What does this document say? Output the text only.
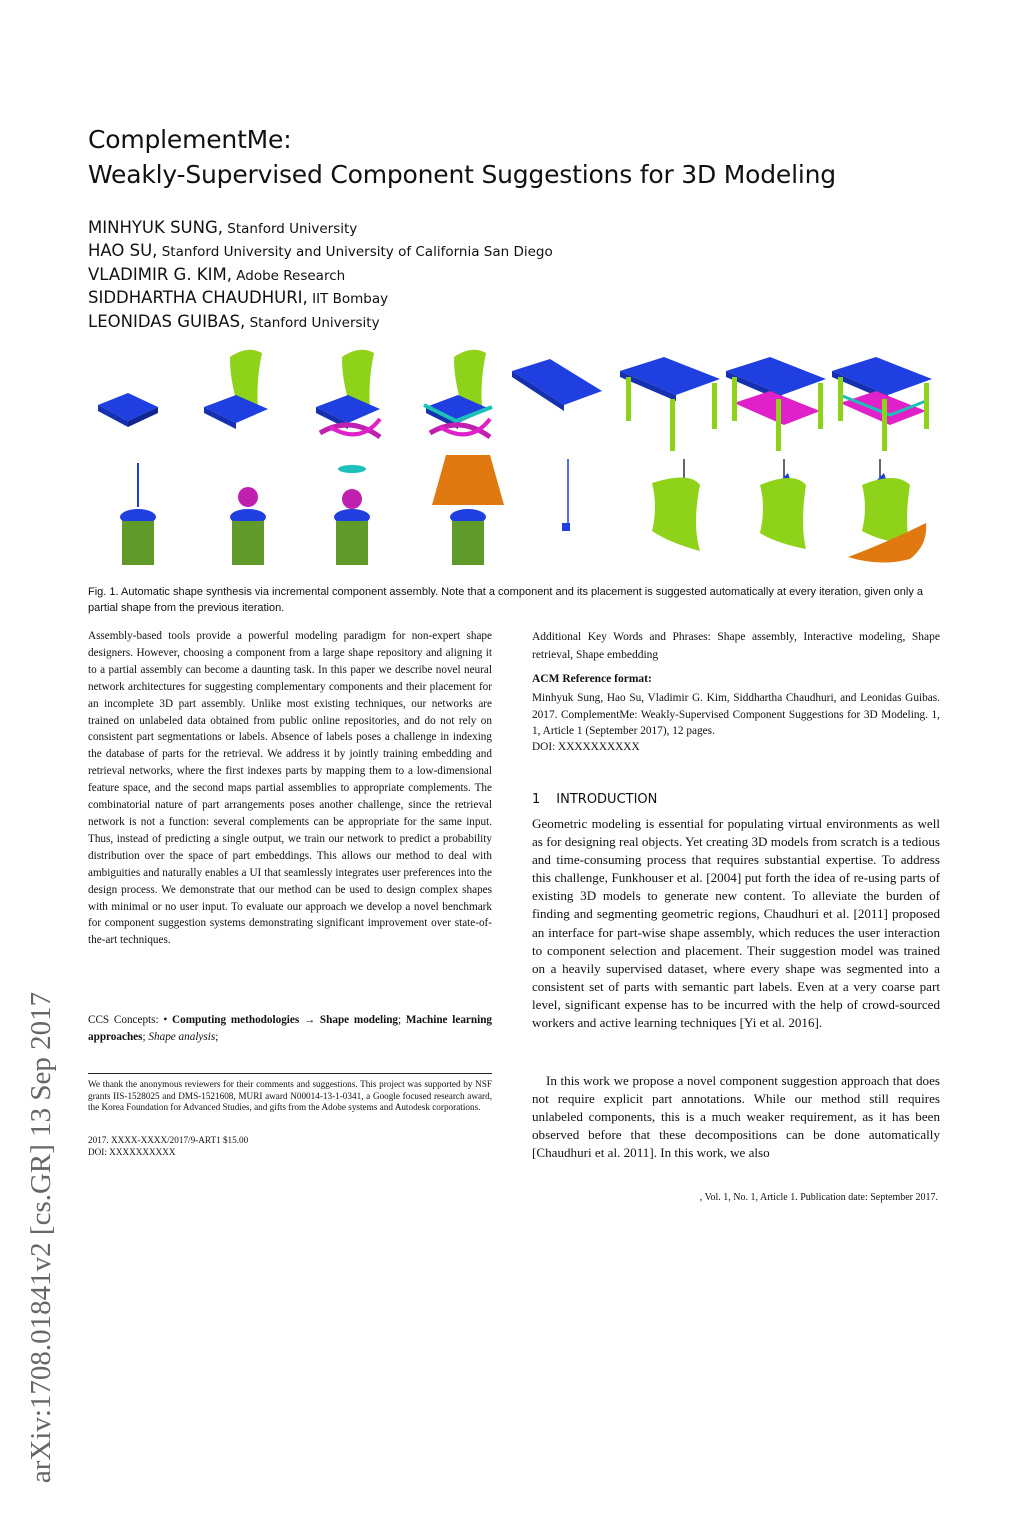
ComplementMe:
Weakly-Supervised Component Suggestions for 3D Modeling
MINHYUK SUNG, Stanford University
HAO SU, Stanford University and University of California San Diego
VLADIMIR G. KIM, Adobe Research
SIDDHARTHA CHAUDHURI, IIT Bombay
LEONIDAS GUIBAS, Stanford University
arXiv:1708.01841v2 [cs.GR] 13 Sep 2017
Fig. 1. Automatic shape synthesis via incremental component assembly. Note that a component and its placement is suggested automatically at every iteration, given only a partial shape from the previous iteration.
Assembly-based tools provide a powerful modeling paradigm for non-expert shape designers. However, choosing a component from a large shape repository and aligning it to a partial assembly can become a daunting task. In this paper we describe novel neural network architectures for suggesting complementary components and their placement for an incomplete 3D part assembly. Unlike most existing techniques, our networks are trained on unlabeled data obtained from public online repositories, and do not rely on consistent part segmentations or labels. Absence of labels poses a challenge in indexing the database of parts for the retrieval. We address it by jointly training embedding and retrieval networks, where the first indexes parts by mapping them to a low-dimensional feature space, and the second maps partial assemblies to appropriate complements. The combinatorial nature of part arrangements poses another challenge, since the retrieval network is not a function: several complements can be appropriate for the same input. Thus, instead of predicting a single output, we train our network to predict a probability distribution over the space of part embeddings. This allows our method to deal with ambiguities and naturally enables a UI that seamlessly integrates user preferences into the design process. We demonstrate that our method can be used to design complex shapes with minimal or no user input. To evaluate our approach we develop a novel benchmark for component suggestion systems demonstrating significant improvement over state-of-the-art techniques.
CCS Concepts: • Computing methodologies → Shape modeling; Machine learning approaches; Shape analysis;
We thank the anonymous reviewers for their comments and suggestions. This project was supported by NSF grants IIS-1528025 and DMS-1521608, MURI award N00014-13-1-0341, a Google focused research award, the Korea Foundation for Advanced Studies, and gifts from the Adobe systems and Autodesk corporations.
2017. XXXX-XXXX/2017/9-ART1 $15.00
DOI: XXXXXXXXXX
Additional Key Words and Phrases: Shape assembly, Interactive modeling, Shape retrieval, Shape embedding
ACM Reference format:
Minhyuk Sung, Hao Su, Vladimir G. Kim, Siddhartha Chaudhuri, and Leonidas Guibas. 2017. ComplementMe: Weakly-Supervised Component Suggestions for 3D Modeling. 1, 1, Article 1 (September 2017), 12 pages.
DOI: XXXXXXXXXX
1 INTRODUCTION
Geometric modeling is essential for populating virtual environments as well as for designing real objects. Yet creating 3D models from scratch is a tedious and time-consuming process that requires substantial expertise. To address this challenge, Funkhouser et al. [2004] put forth the idea of re-using parts of existing 3D models to generate new content. To alleviate the burden of finding and segmenting geometric regions, Chaudhuri et al. [2011] proposed an interface for part-wise shape assembly, which reduces the user interaction to component selection and placement. Their suggestion model was trained on a heavily supervised dataset, where every shape was segmented into a consistent set of parts with semantic part labels. Even at a very coarse part level, significant expense has to be incurred with the help of crowd-sourced workers and active learning techniques [Yi et al. 2016].
In this work we propose a novel component suggestion approach that does not require explicit part annotations. While our method still requires unlabeled components, this is a much weaker requirement, as it has been observed before that these decompositions can be done automatically [Chaudhuri et al. 2011]. In this work, we also
, Vol. 1, No. 1, Article 1. Publication date: September 2017.
